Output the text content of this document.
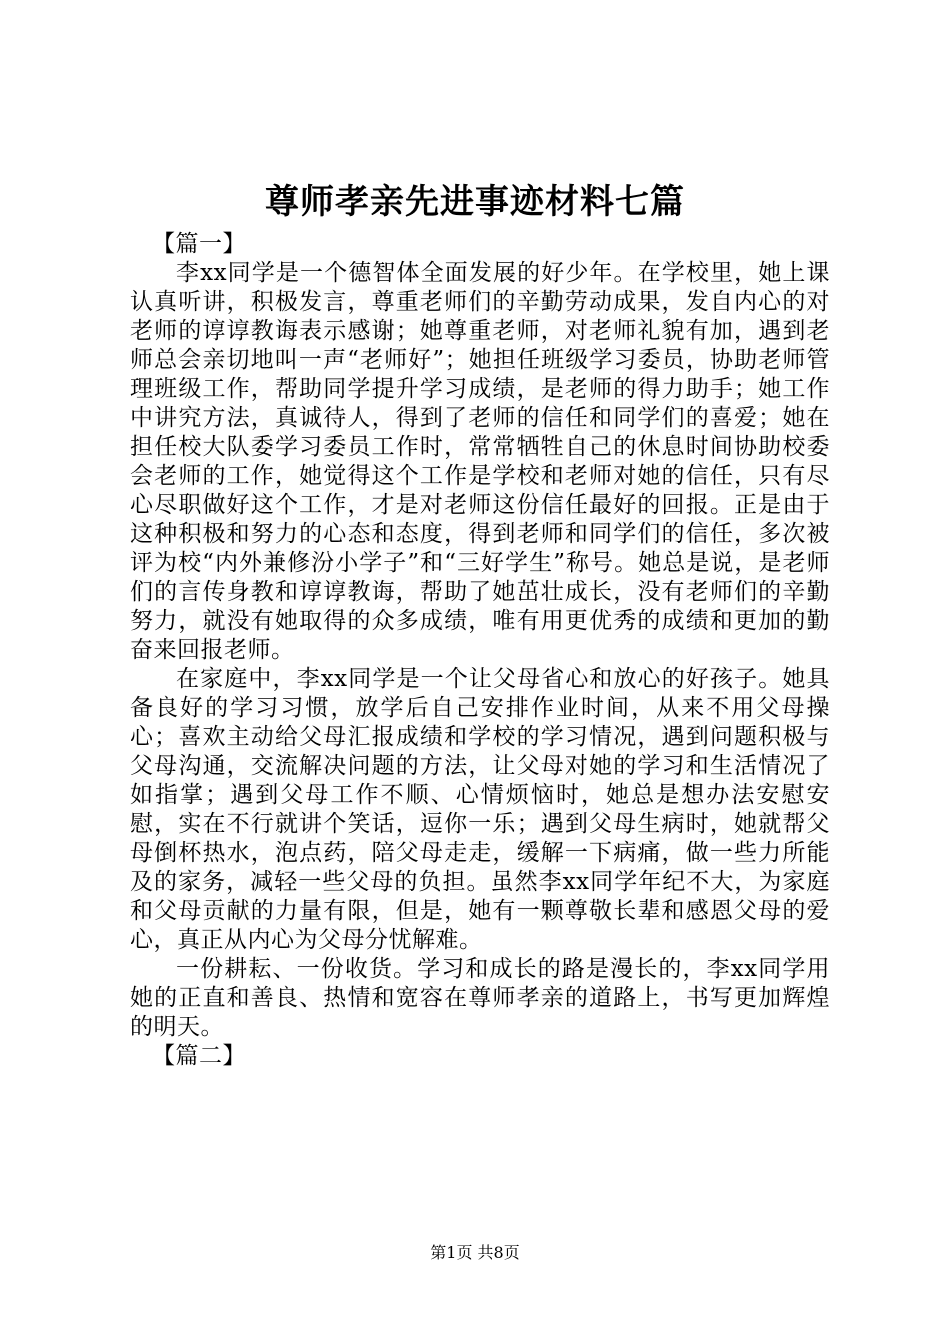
尊师孝亲先进事迹材料七篇

【篇一】

李xx同学是一个德智体全面发展的好少年。在学校里，她上课认真听讲，积极发言，尊重老师们的辛勤劳动成果，发自内心的对老师的谆谆教诲表示感谢；她尊重老师，对老师礼貌有加，遇到老师总会亲切地叫一声“老师好”；她担任班级学习委员，协助老师管理班级工作，帮助同学提升学习成绩，是老师的得力助手；她工作中讲究方法，真诚待人，得到了老师的信任和同学们的喜爱；她在担任校大队委学习委员工作时，常常牺牲自己的休息时间协助校委会老师的工作，她觉得这个工作是学校和老师对她的信任，只有尽心尽职做好这个工作，才是对老师这份信任最好的回报。正是由于这种积极和努力的心态和态度，得到老师和同学们的信任，多次被评为校“内外兼修汾小学子”和“三好学生”称号。她总是说，是老师们的言传身教和谆谆教诲，帮助了她茁壮成长，没有老师们的辛勤努力，就没有她取得的众多成绩，唯有用更优秀的成绩和更加的勤奋来回报老师。

在家庭中，李xx同学是一个让父母省心和放心的好孩子。她具备良好的学习习惯，放学后自己安排作业时间，从来不用父母操心；喜欢主动给父母汇报成绩和学校的学习情况，遇到问题积极与父母沟通，交流解决问题的方法，让父母对她的学习和生活情况了如指掌；遇到父母工作不顺、心情烦恼时，她总是想办法安慰安慰，实在不行就讲个笑话，逗你一乐；遇到父母生病时，她就帮父母倒杯热水，泡点药，陪父母走走，缓解一下病痛，做一些力所能及的家务，减轻一些父母的负担。虽然李xx同学年纪不大，为家庭和父母贡献的力量有限，但是，她有一颗尊敬长辈和感恩父母的爱心，真正从内心为父母分忧解难。

一份耕耘、一份收货。学习和成长的路是漫长的，李xx同学用她的正直和善良、热情和宽容在尊师孝亲的道路上，书写更加辉煌的明天。

【篇二】

第1页 共8页
